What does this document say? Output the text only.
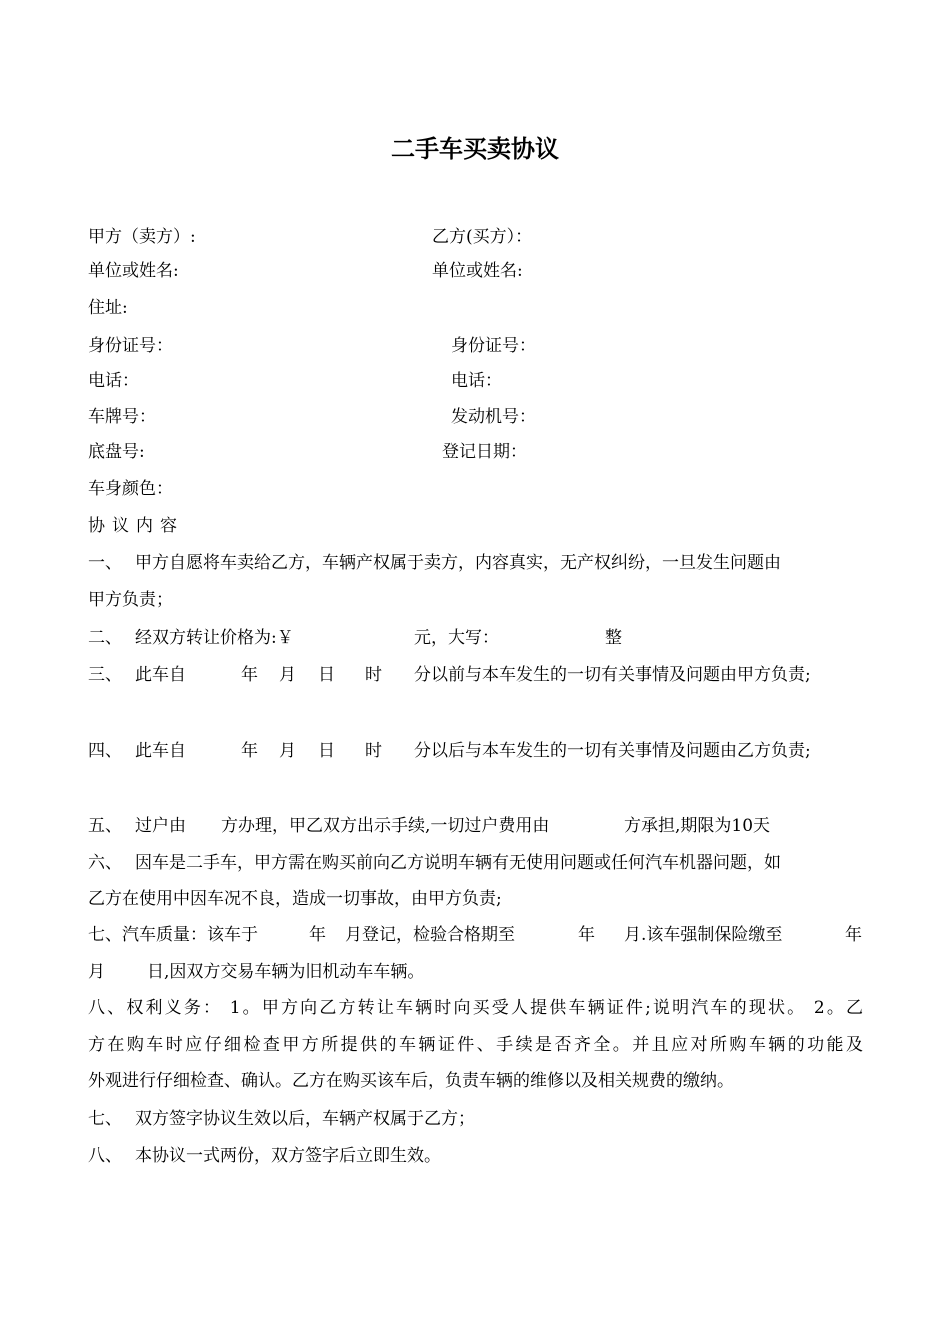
二手车买卖协议
甲方（卖方）:	乙方(买方）：
单位或姓名:	单位或姓名:
住址:
身份证号：	身份证号：
电话：	电话：
车牌号：	发动机号：
底盘号:	登记日期：
车身颜色：
协议内容
一、 甲方自愿将车卖给乙方，车辆产权属于卖方，内容真实，无产权纠纷，一旦发生问题由
甲方负责；
二、 经双方转让价格为:￥	元，大写：	整
三、 此车自	年 月 日 时 分以前与本车发生的一切有关事情及问题由甲方负责;
四、 此车自	年 月 日 时 分以后与本车发生的一切有关事情及问题由乙方负责;
五、 过户由 方办理，甲乙双方出示手续,一切过户费用由	方承担,期限为10天
六、 因车是二手车，甲方需在购买前向乙方说明车辆有无使用问题或任何汽车机器问题，如
乙方在使用中因车况不良，造成一切事故，由甲方负责;
七、汽车质量：该车于	年 月登记，检验合格期至	年 月.该车强制保险缴至	年
月 日,因双方交易车辆为旧机动车车辆。
八、权利义务： 1。甲方向乙方转让车辆时向买受人提供车辆证件;说明汽车的现状。 2。乙
方在购车时应仔细检查甲方所提供的车辆证件、手续是否齐全。并且应对所购车辆的功能及
外观进行仔细检查、确认。乙方在购买该车后，负责车辆的维修以及相关规费的缴纳。
七、 双方签字协议生效以后，车辆产权属于乙方；
八、 本协议一式两份，双方签字后立即生效。
